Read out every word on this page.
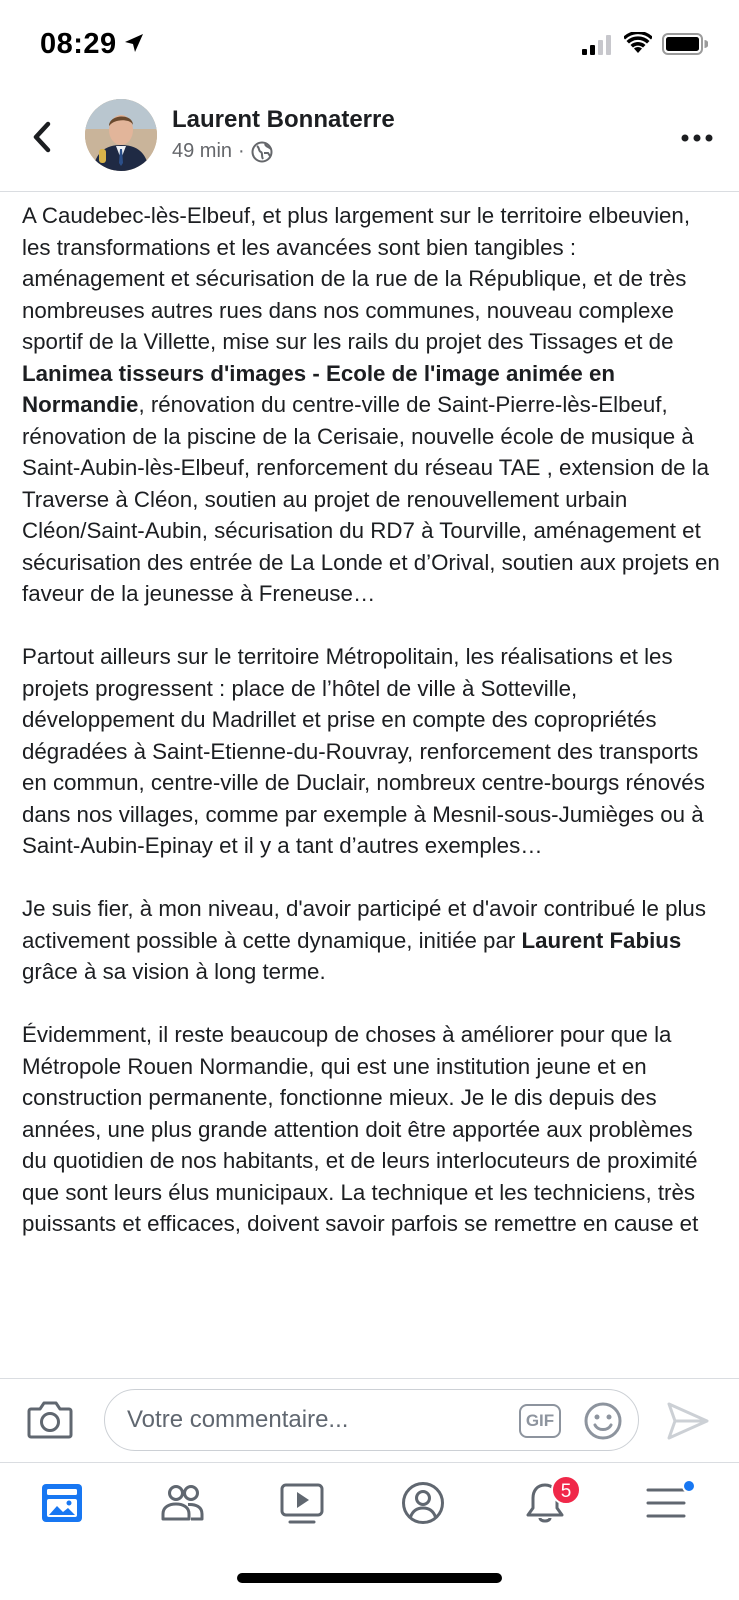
08:29
Laurent Bonnaterre
49 min ·

A Caudebec-lès-Elbeuf, et plus largement sur le territoire elbeuvien, les transformations et les avancées sont bien tangibles : aménagement et sécurisation de la rue de la République, et de très nombreuses autres rues dans nos communes, nouveau complexe sportif de la Villette, mise sur les rails du projet des Tissages et de Lanimea tisseurs d'images - Ecole de l'image animée en Normandie, rénovation du centre-ville de Saint-Pierre-lès-Elbeuf, rénovation de la piscine de la Cerisaie, nouvelle école de musique à Saint-Aubin-lès-Elbeuf, renforcement du réseau TAE , extension de la Traverse à Cléon, soutien au projet de renouvellement urbain Cléon/Saint-Aubin, sécurisation du RD7 à Tourville, aménagement et sécurisation des entrée de La Londe et d’Orival, soutien aux projets en faveur de la jeunesse à Freneuse…

Partout ailleurs sur le territoire Métropolitain, les réalisations et les projets progressent : place de l’hôtel de ville à Sotteville, développement du Madrillet et prise en compte des copropriétés dégradées à Saint-Etienne-du-Rouvray, renforcement des transports en commun, centre-ville de Duclair, nombreux centre-bourgs rénovés dans nos villages, comme par exemple à Mesnil-sous-Jumièges ou à Saint-Aubin-Epinay et il y a tant d’autres exemples…

Je suis fier, à mon niveau, d'avoir participé et d'avoir contribué le plus activement possible à cette dynamique, initiée par Laurent Fabius grâce à sa vision à long terme.

Évidemment, il reste beaucoup de choses à améliorer pour que la Métropole Rouen Normandie, qui est une institution jeune et en construction permanente, fonctionne mieux. Je le dis depuis des années, une plus grande attention doit être apportée aux problèmes du quotidien de nos habitants, et de leurs interlocuteurs de proximité que sont leurs élus municipaux. La technique et les techniciens, très puissants et efficaces, doivent savoir parfois se remettre en cause et

Votre commentaire...	GIF
5
